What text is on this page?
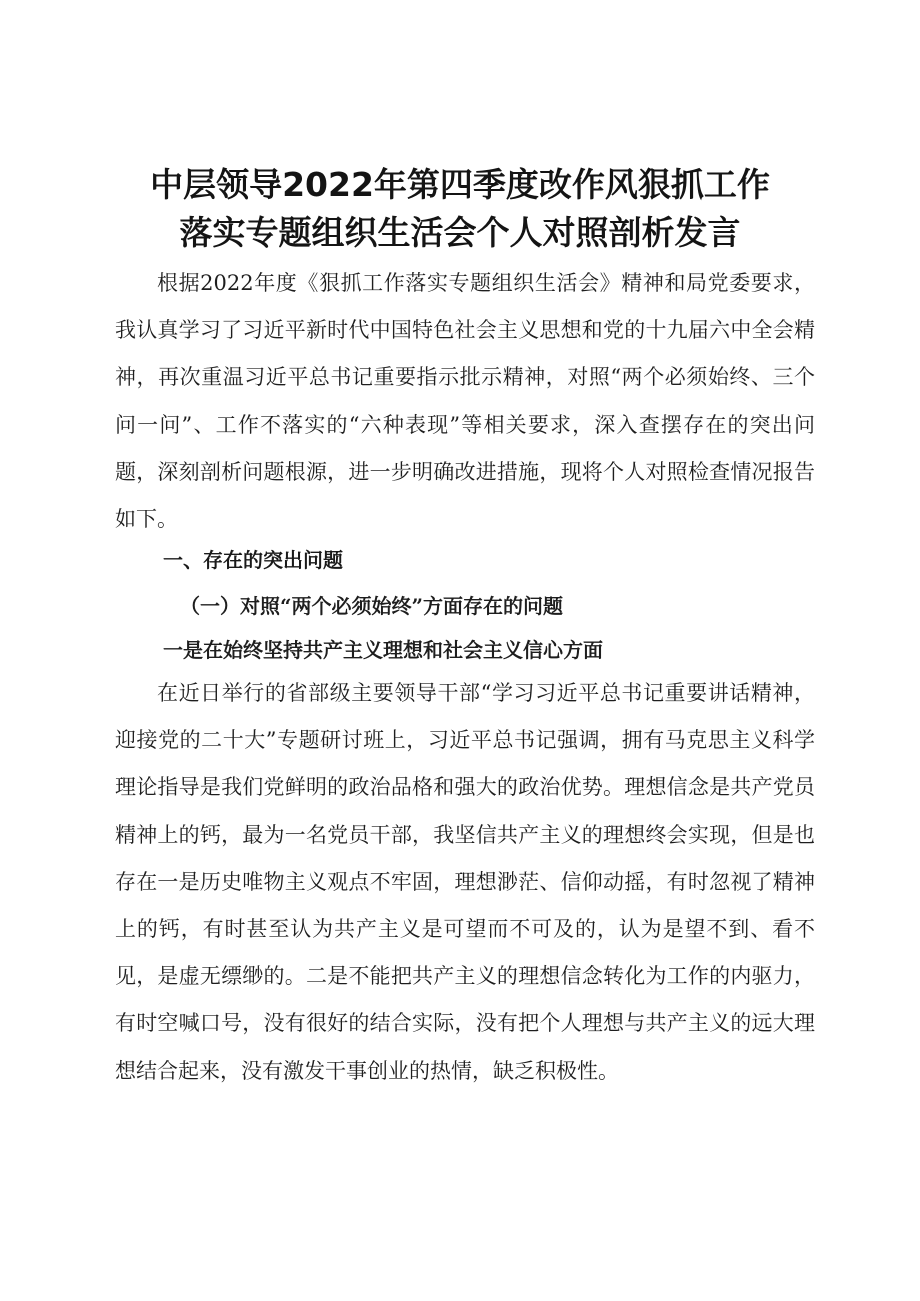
中层领导2022年第四季度改作风狠抓工作
落实专题组织生活会个人对照剖析发言

根据2022年度《狠抓工作落实专题组织生活会》精神和局党委要求，我认真学习了习近平新时代中国特色社会主义思想和党的十九届六中全会精神，再次重温习近平总书记重要指示批示精神，对照“两个必须始终、三个问一问”、工作不落实的“六种表现”等相关要求，深入查摆存在的突出问题，深刻剖析问题根源，进一步明确改进措施，现将个人对照检查情况报告如下。

一、存在的突出问题
（一）对照“两个必须始终”方面存在的问题
一是在始终坚持共产主义理想和社会主义信心方面

在近日举行的省部级主要领导干部“学习习近平总书记重要讲话精神，迎接党的二十大”专题研讨班上，习近平总书记强调，拥有马克思主义科学理论指导是我们党鲜明的政治品格和强大的政治优势。理想信念是共产党员精神上的钙，最为一名党员干部，我坚信共产主义的理想终会实现，但是也存在一是历史唯物主义观点不牢固，理想渺茫、信仰动摇，有时忽视了精神上的钙，有时甚至认为共产主义是可望而不可及的，认为是望不到、看不见，是虚无缥缈的。二是不能把共产主义的理想信念转化为工作的内驱力，有时空喊口号，没有很好的结合实际，没有把个人理想与共产主义的远大理想结合起来，没有激发干事创业的热情，缺乏积极性。
